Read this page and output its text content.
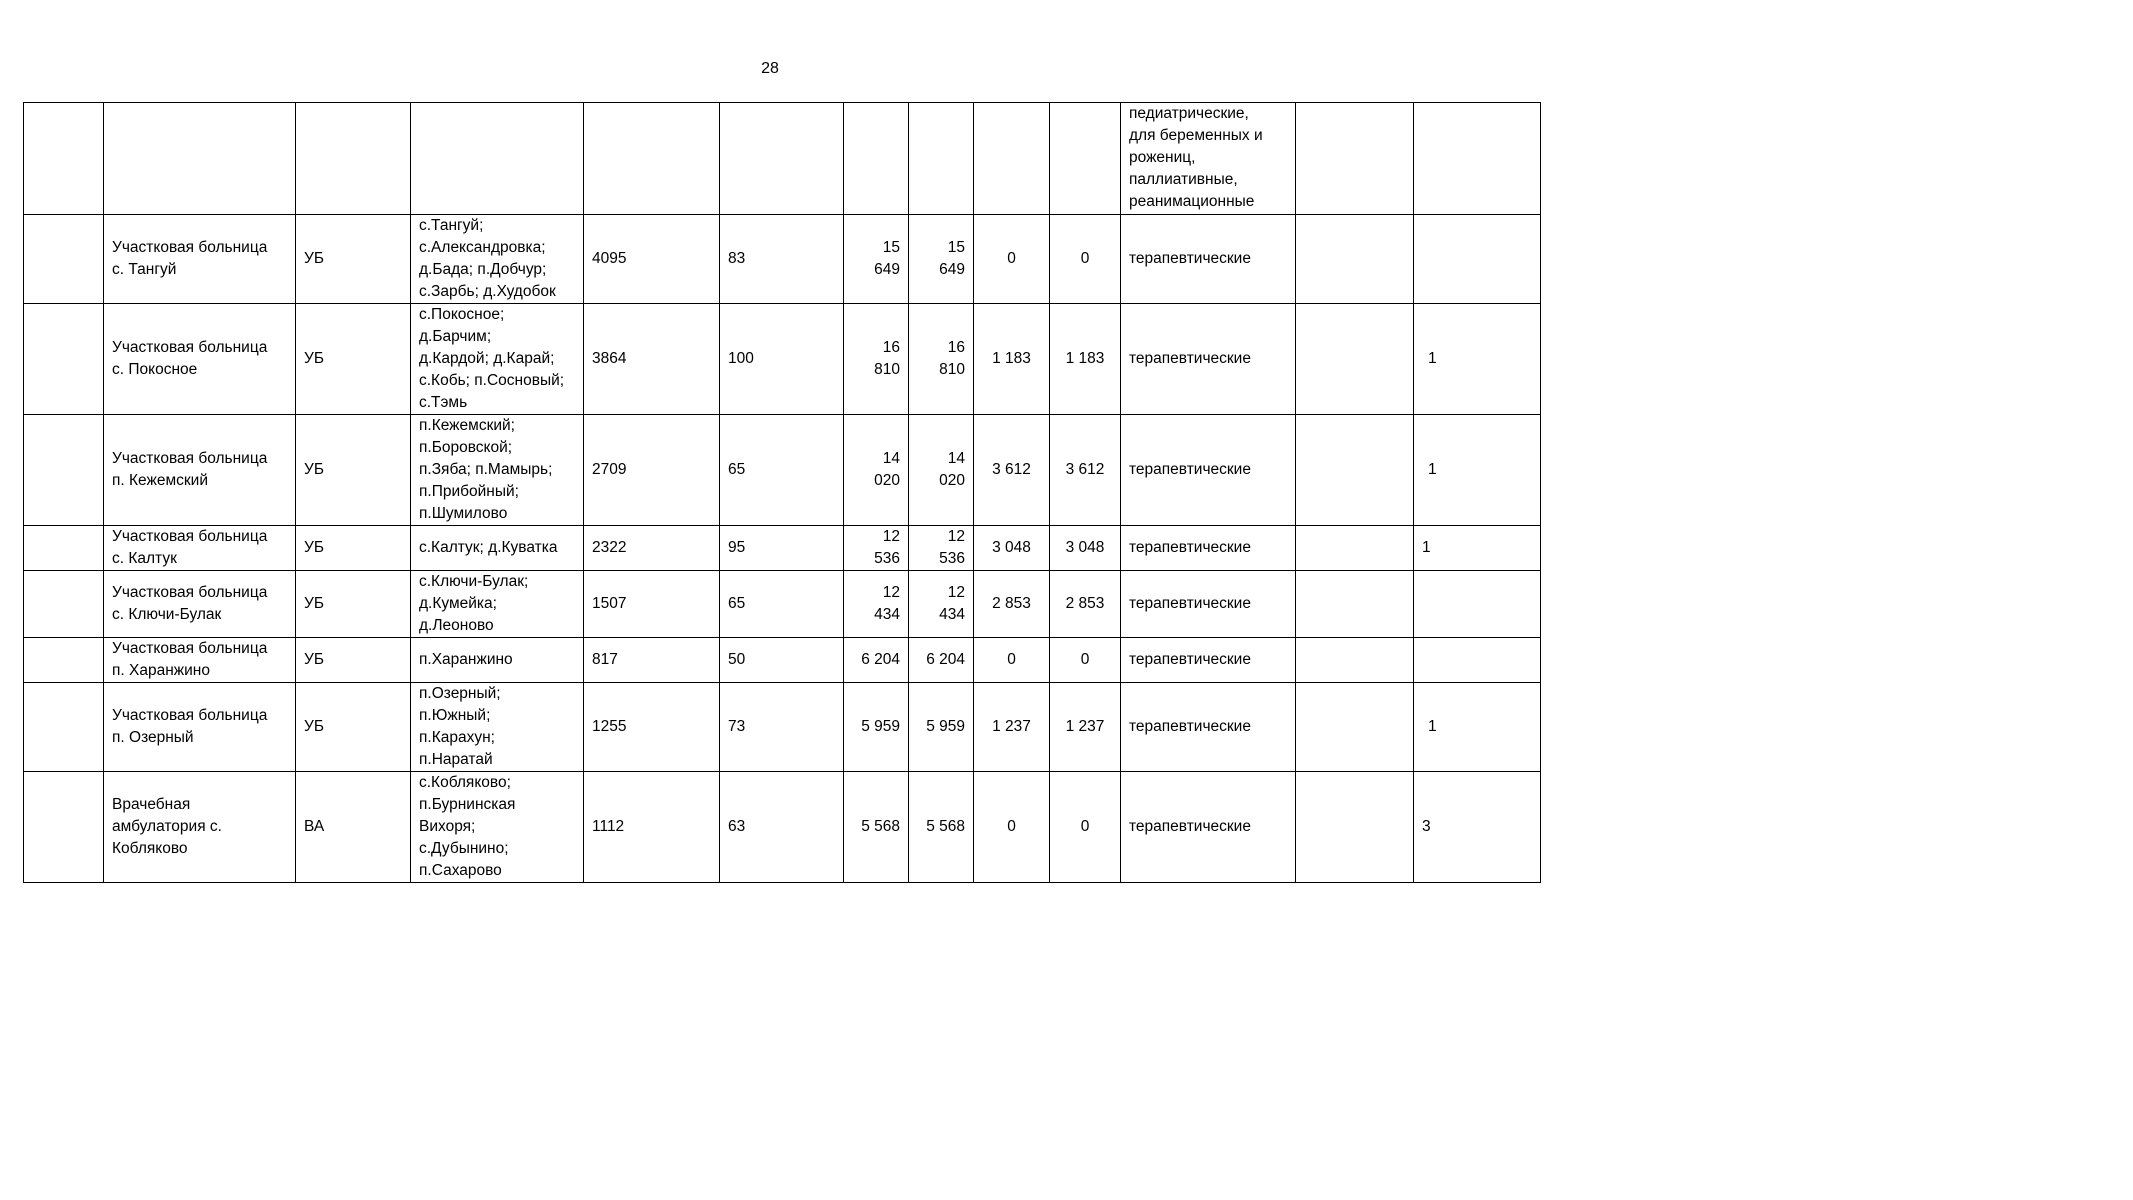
28
										педиатрические,
для беременных и
рожениц,
паллиативные,
реанимационные		
	Участковая больница
с. Тангуй	УБ	с.Тангуй;
с.Александровка;
д.Бада; п.Добчур;
с.Зарбь; д.Худобок	4095	83	15
649	15
649	0	0	терапевтические		
	Участковая больница
с. Покосное	УБ	с.Покосное;
д.Барчим;
д.Кардой; д.Карай;
с.Кобь; п.Сосновый;
с.Тэмь	3864	100	16
810	16
810	1 183	1 183	терапевтические		1
	Участковая больница
п. Кежемский	УБ	п.Кежемский;
п.Боровской;
п.Зяба; п.Мамырь;
п.Прибойный;
п.Шумилово	2709	65	14
020	14
020	3 612	3 612	терапевтические		1
	Участковая больница
с. Калтук	УБ	с.Калтук; д.Куватка	2322	95	12
536	12
536	3 048	3 048	терапевтические		1
	Участковая больница
с. Ключи-Булак	УБ	с.Ключи-Булак;
д.Кумейка;
д.Леоново	1507	65	12
434	12
434	2 853	2 853	терапевтические		
	Участковая больница
п. Харанжино	УБ	п.Харанжино	817	50	6 204	6 204	0	0	терапевтические		
	Участковая больница
п. Озерный	УБ	п.Озерный;
п.Южный;
п.Карахун;
п.Наратай	1255	73	5 959	5 959	1 237	1 237	терапевтические		1
	Врачебная
амбулатория с.
Кобляково	ВА	с.Кобляково;
п.Бурнинская
Вихоря;
с.Дубынино;
п.Сахарово	1112	63	5 568	5 568	0	0	терапевтические		3
